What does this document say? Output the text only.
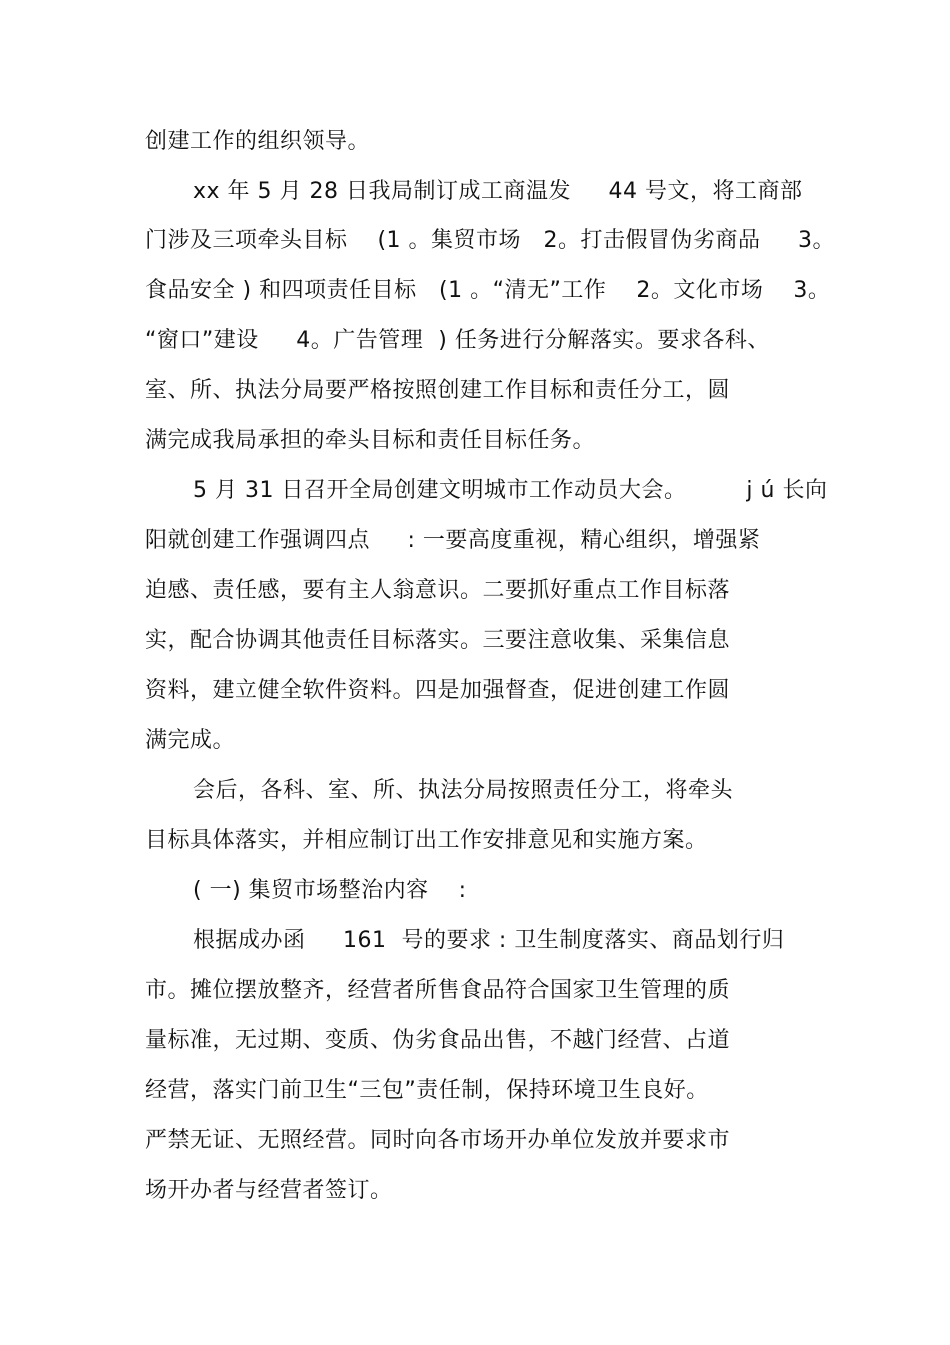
创建工作的组织领导。
xx 年 5 月 28 日我局制订成工商温发     44 号文，将工商部
门涉及三项牵头目标    (1 。集贸市场   2。打击假冒伪劣商品     3。
食品安全 ) 和四项责任目标   (1 。“清无”工作    2。文化市场    3。
“窗口”建设     4。广告管理  ) 任务进行分解落实。要求各科、
室、所、执法分局要严格按照创建工作目标和责任分工，圆
满完成我局承担的牵头目标和责任目标任务。
5 月 31 日召开全局创建文明城市工作动员大会。        j ú 长向
阳就创建工作强调四点     : 一要高度重视，精心组织，增强紧
迫感、责任感，要有主人翁意识。二要抓好重点工作目标落
实，配合协调其他责任目标落实。三要注意收集、采集信息
资料，建立健全软件资料。四是加强督查，促进创建工作圆
满完成。
会后，各科、室、所、执法分局按照责任分工，将牵头
目标具体落实，并相应制订出工作安排意见和实施方案。
( 一) 集贸市场整治内容    :
根据成办函     161  号的要求 : 卫生制度落实、商品划行归
市。摊位摆放整齐，经营者所售食品符合国家卫生管理的质
量标准，无过期、变质、伪劣食品出售，不越门经营、占道
经营，落实门前卫生“三包”责任制，保持环境卫生良好。
严禁无证、无照经营。同时向各市场开办单位发放并要求市
场开办者与经营者签订。
